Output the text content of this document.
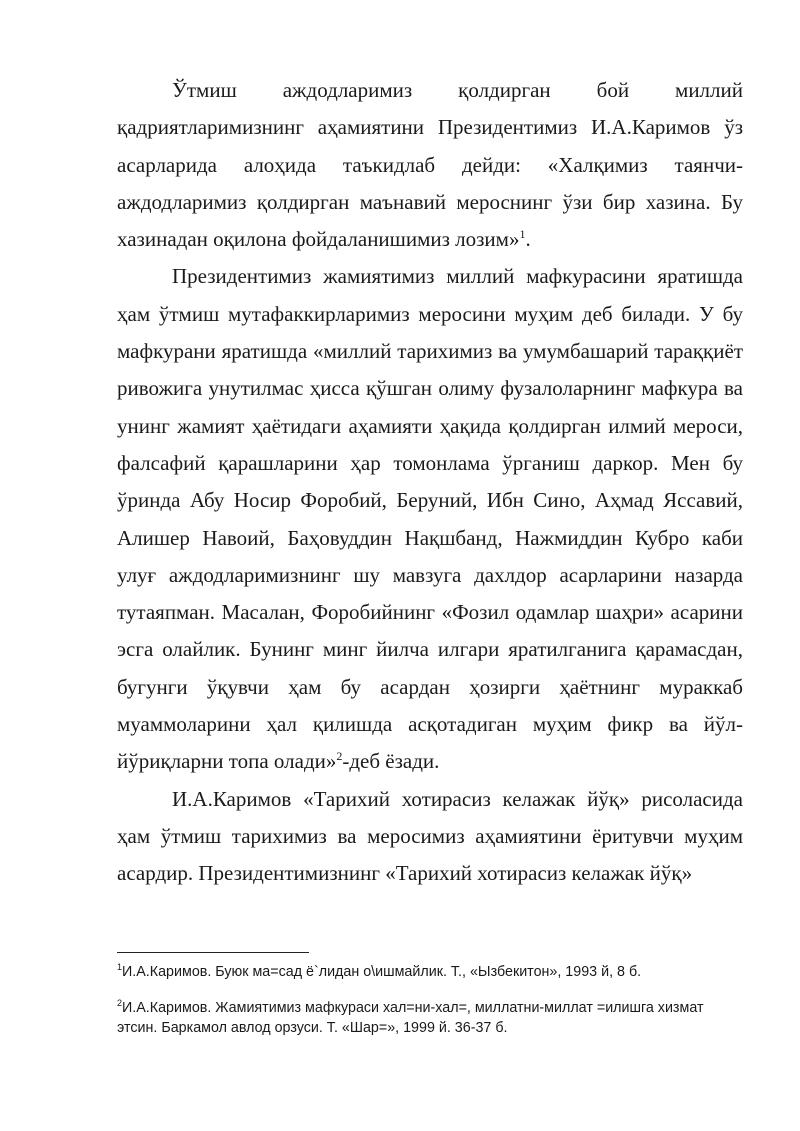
Ўтмиш аждодларимиз қолдирган бой миллий қадриятларимизнинг аҳамиятини Президентимиз И.А.Каримов ўз асарларида алоҳида таъкидлаб дейди: «Халқимиз таянчи-аждодларимиз қолдирган маънавий мероснинг ўзи бир хазина. Бу хазинадан оқилона фойдаланишимиз лозим»$^1$.

Президентимиз жамиятимиз миллий мафкурасини яратишда ҳам ўтмиш мутафаккирларимиз меросини муҳим деб билади. У бу мафкурани яратишда «миллий тарихимиз ва умумбашарий тараққиёт ривожига унутилмас ҳисса қўшган олиму фузалоларнинг мафкура ва унинг жамият ҳаётидаги аҳамияти ҳақида қолдирган илмий мероси, фалсафий қарашларини ҳар томонлама ўрганиш даркор. Мен бу ўринда Абу Носир Форобий, Беруний, Ибн Сино, Аҳмад Яссавий, Алишер Навоий, Баҳовуддин Нақшбанд, Нажмиддин Кубро каби улуғ аждодларимизнинг шу мавзуга дахлдор асарларини назарда тутаяпман. Масалан, Форобийнинг «Фозил одамлар шаҳри» асарини эсга олайлик. Бунинг минг йилча илгари яратилганига қарамасдан, бугунги ўқувчи ҳам бу асардан ҳозирги ҳаётнинг мураккаб муаммоларини ҳал қилишда асқотадиган муҳим фикр ва йўл-йўриқларни топа олади»$^2$-деб ёзади.

И.А.Каримов «Тарихий хотирасиз келажак йўқ» рисоласида ҳам ўтмиш тарихимиз ва меросимиз аҳамиятини ёритувчи муҳим асардир. Президентимизнинг «Тарихий хотирасиз келажак йўқ»

$^1$И.А.Каримов. Буюк ма=сад ё`лидан о\ишмайлик. Т., «Ызбекитон», 1993 й, 8 б.

$^2$И.А.Каримов. Жамиятимиз мафкураси хал=ни-хал=, миллатни-миллат =илишга хизмат этсин. Баркамол авлод орзуси. Т. «Шар=», 1999 й. 36-37 б.
